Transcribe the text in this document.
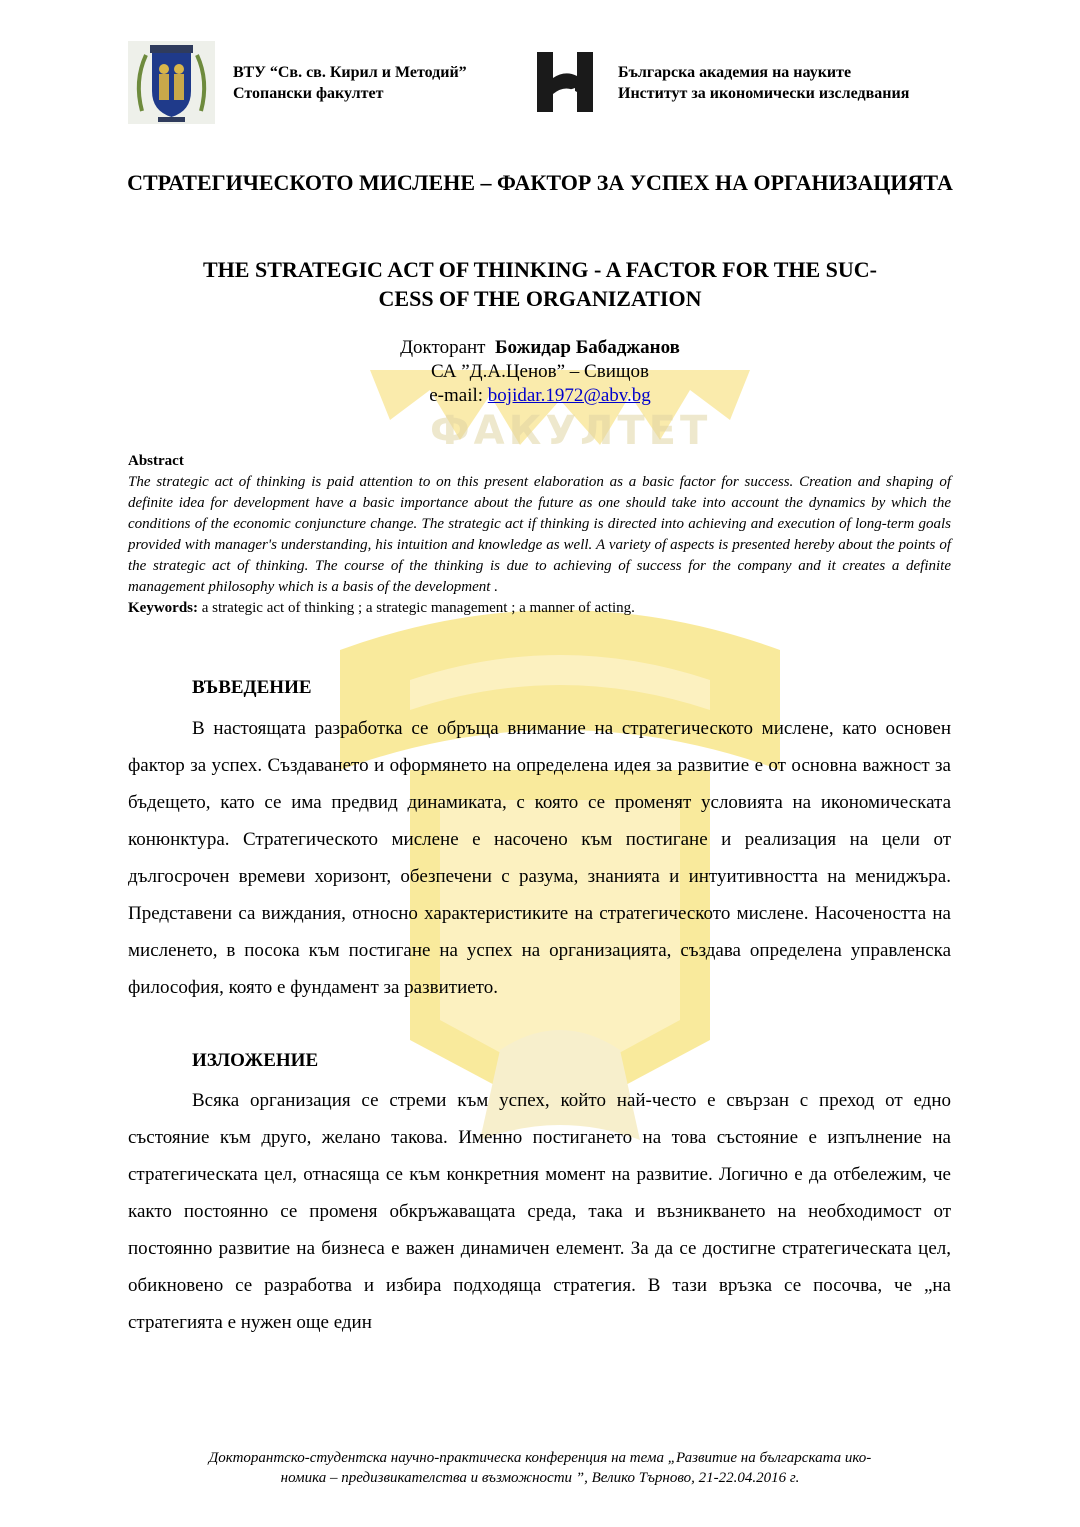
ФАКУЛТЕТ
ВТУ “Св. св. Кирил и Методий”
Стопански факултет
Българска академия на науките
Институт за икономически изследвания
СТРАТЕГИЧЕСКОТО МИСЛЕНЕ – ФАКТОР ЗА УСПЕХ НА ОРГАНИЗАЦИЯТА
THE STRATEGIC ACT OF THINKING - A FACTOR FOR THE SUC-
CESS OF THE ORGANIZATION
Докторант Божидар Бабаджанов
СА ”Д.А.Ценов” – Свищов
e-mail: bojidar.1972@abv.bg
Abstract
The strategic act of thinking is paid attention to on this present elaboration as a basic factor for success. Creation and shaping of definite idea for development have a basic importance about the future as one should take into account the dynamics by which the conditions of the economic conjuncture change. The strategic act if thinking is directed into achieving and execution of long-term goals provided with manager's understanding, his intuition and knowledge as well. A variety of aspects is presented hereby about the points of the strategic act of thinking. The course of the thinking is due to achieving of success for the company and it creates a definite management philosophy which is a basis of the development .
Keywords: a strategic act of thinking ; a strategic management ; a manner of acting.
ВЪВЕДЕНИЕ

В настоящата разработка се обръща внимание на стратегическото мислене, като основен фактор за успех. Създаването и оформянето на определена идея за развитие е от основна важност за бъдещето, като се има предвид динамиката, с която се променят условията на икономическата конюнктура. Стратегическото мислене е насочено към постигане и реализация на цели от дългосрочен времеви хоризонт, обезпечени с разума, знанията и интуитивността на мениджъра. Представени са виждания, относно характеристиките на стратегическото мислене. Насочеността на мисленето, в посока към постигане на успех на организацията, създава определена управленска философия, която е фундамент за развитието.

ИЗЛОЖЕНИЕ

Всяка организация се стреми към успех, който най-често е свързан с преход от едно състояние към друго, желано такова. Именно постигането на това състояние е изпълнение на стратегическата цел, отнасяща се към конкретния момент на развитие. Логично е да отбележим, че както постоянно се променя обкръжаващата среда, така и възникването на необходимост от постоянно развитие на бизнеса е важен динамичен елемент. За да се достигне стратегическата цел, обикновено се разработва и избира подходяща стратегия. В тази връзка се посочва, че „на стратегията е нужен още един

Докторантско-студентска научно-практическа конференция на тема „Развитие на българската ико-
номика – предизвикателства и възможности ”, Велико Търново, 21-22.04.2016 г.
